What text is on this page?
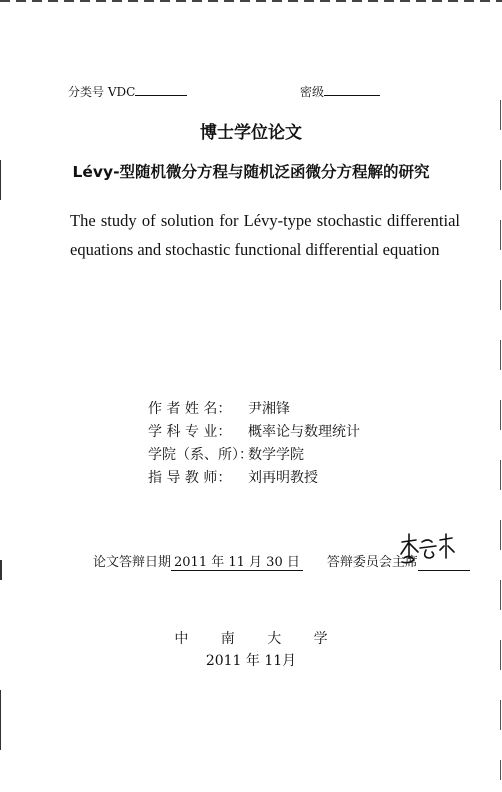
分类号 VDC	密级
博士学位论文
Lévy-型随机微分方程与随机泛函微分方程解的研究
The study of solution for Lévy-type stochastic differential equations and stochastic functional differential equation
作 者 姓 名：	尹湘锋
学 科 专 业：	概率论与数理统计
学院（系、所）：
数学学院
指 导 教 师：	刘再明教授
论文答辩日期 2011 年 11 月 30 日 答辩委员会主席
中 南 大 学
2011 年 11月
